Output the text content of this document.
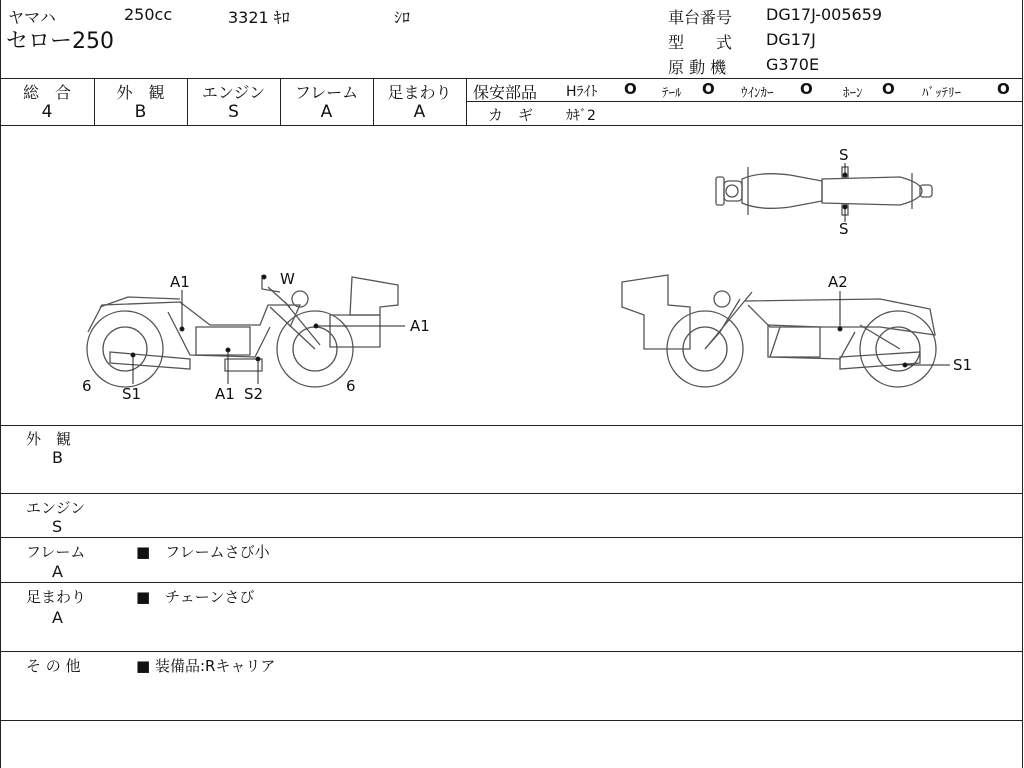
ヤマハ	250cc	3321 ｷﾛ	ｼﾛ
セロー250
車台番号 DG17J-005659
型　　式 DG17J
原 動 機 G370E
総　合
4
外　観
B
エンジン
S
フレーム
A
足まわり
A
保安部品 Hﾗｲﾄ O ﾃｰﾙ O ｳｲﾝｶｰ O ﾎｰﾝ O ﾊﾞｯﾃﾘｰ O
カ　ギ ｶｷﾞ2
S
S
A1	W
A1
6 S1	A1 S2	6
A2
S1
外　観
B
エンジン
S
フレーム
A
■　フレームさび小
足まわり
A
■　チェーンさび
そ の 他	■ 装備品:Rキャリア
